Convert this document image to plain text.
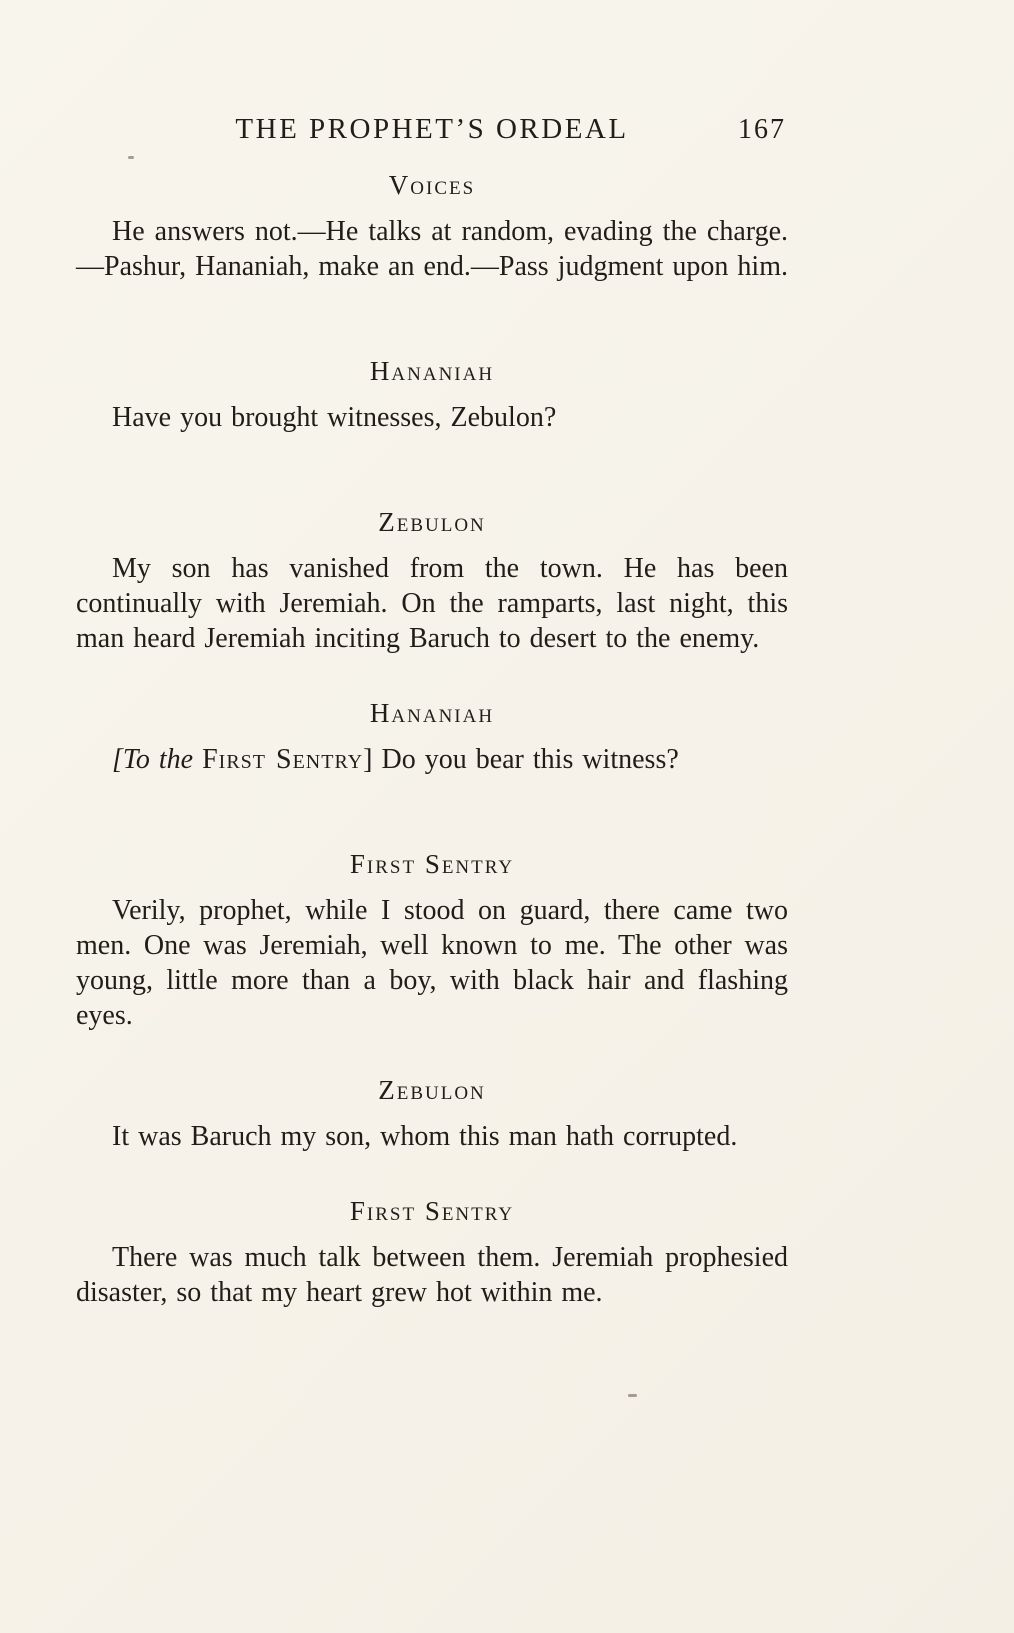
THE PROPHET’S ORDEAL	167
Voices

He answers not.—He talks at random, evading the charge.—Pashur, Hananiah, make an end.—Pass judgment upon him.

Hananiah

Have you brought witnesses, Zebulon?

Zebulon

My son has vanished from the town. He has been continually with Jeremiah. On the ramparts, last night, this man heard Jeremiah inciting Baruch to desert to the enemy.

Hananiah

[To the First Sentry] Do you bear this witness?

First Sentry

Verily, prophet, while I stood on guard, there came two men. One was Jeremiah, well known to me. The other was young, little more than a boy, with black hair and flashing eyes.

Zebulon

It was Baruch my son, whom this man hath corrupted.

First Sentry

There was much talk between them. Jeremiah prophesied disaster, so that my heart grew hot within me.
